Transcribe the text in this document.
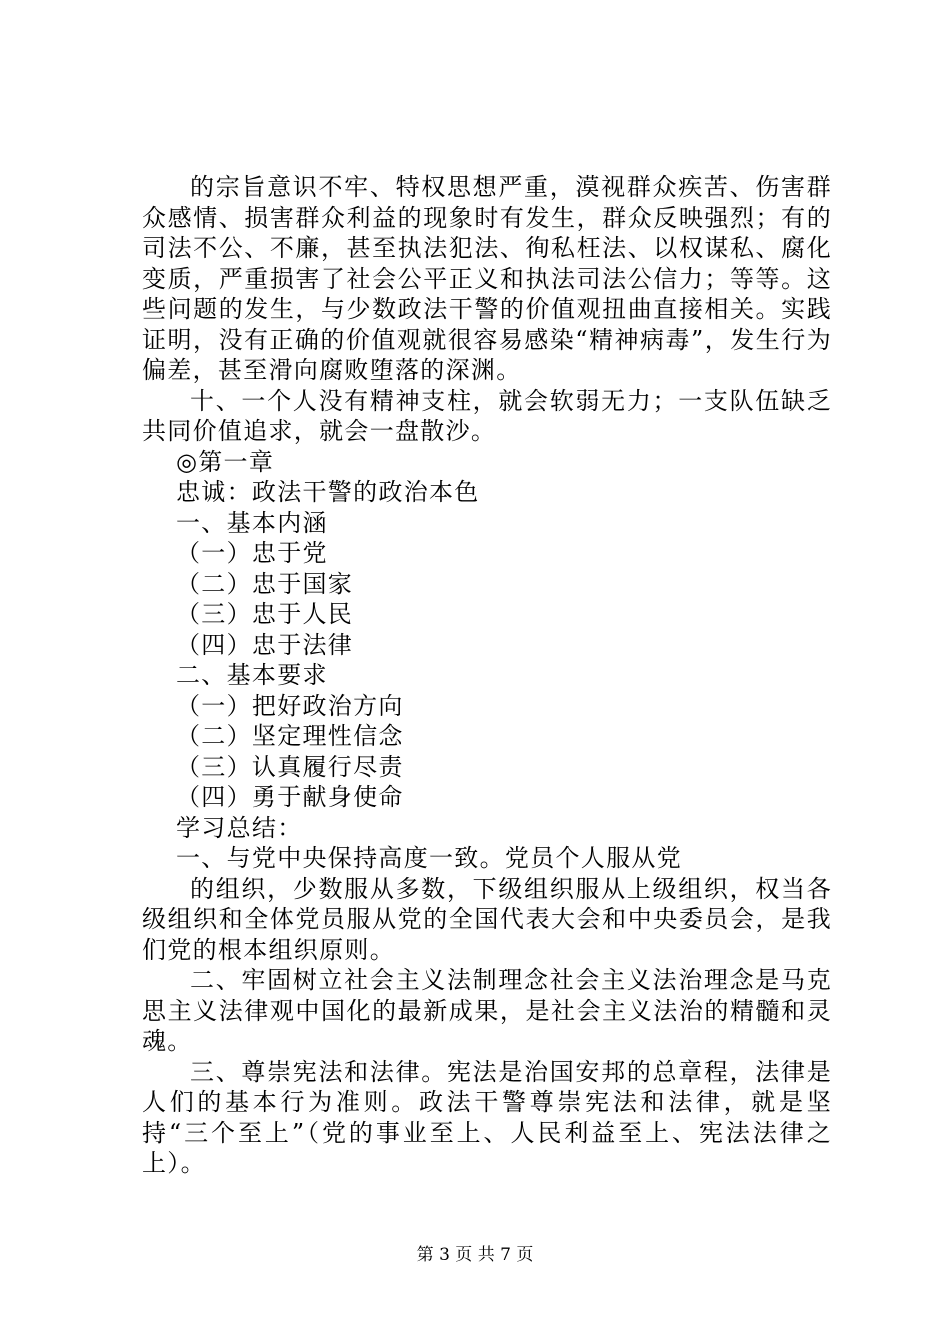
的宗旨意识不牢、特权思想严重，漠视群众疾苦、伤害群众感情、损害群众利益的现象时有发生，群众反映强烈；有的司法不公、不廉，甚至执法犯法、徇私枉法、以权谋私、腐化变质，严重损害了社会公平正义和执法司法公信力；等等。这些问题的发生，与少数政法干警的价值观扭曲直接相关。实践证明，没有正确的价值观就很容易感染“精神病毒”，发生行为偏差，甚至滑向腐败堕落的深渊。

十、一个人没有精神支柱，就会软弱无力；一支队伍缺乏共同价值追求，就会一盘散沙。

◎第一章

忠诚：政法干警的政治本色

一、基本内涵

（一）忠于党

（二）忠于国家

（三）忠于人民

（四）忠于法律

二、基本要求

（一）把好政治方向

（二）坚定理性信念

（三）认真履行尽责

（四）勇于献身使命

学习总结：

一、与党中央保持高度一致。党员个人服从党

的组织，少数服从多数，下级组织服从上级组织，权当各级组织和全体党员服从党的全国代表大会和中央委员会，是我们党的根本组织原则。

二、牢固树立社会主义法制理念社会主义法治理念是马克思主义法律观中国化的最新成果，是社会主义法治的精髓和灵魂。

三、尊崇宪法和法律。宪法是治国安邦的总章程，法律是人们的基本行为准则。政法干警尊崇宪法和法律，就是坚持“三个至上”（党的事业至上、人民利益至上、宪法法律之上）。

第 3 页 共 7 页
